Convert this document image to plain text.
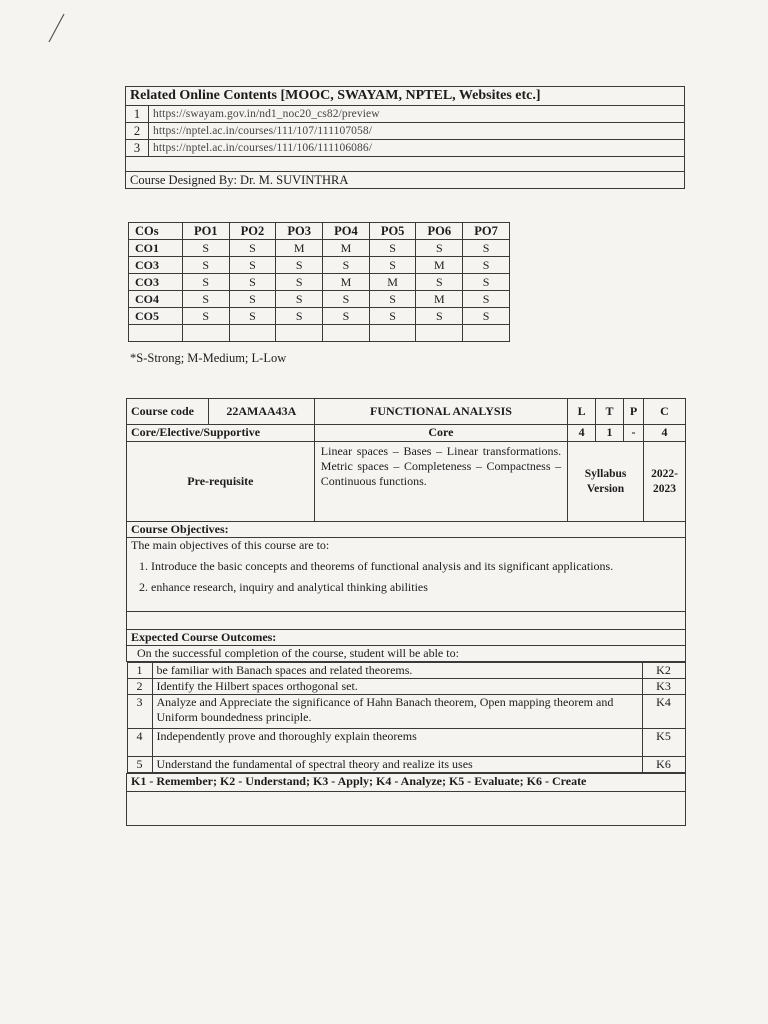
Related Online Contents [MOOC, SWAYAM, NPTEL, Websites etc.]	
1	https://swayam.gov.in/nd1_noc20_cs82/preview
2	https://nptel.ac.in/courses/111/107/111107058/
3	https://nptel.ac.in/courses/111/106/111106086/

Course Designed By: Dr. M. SUVINTHRA	
COs	PO1	PO2	PO3	PO4	PO5	PO6	PO7
CO1	S	S	M	M	S	S	S
CO3	S	S	S	S	S	M	S
CO3	S	S	S	M	M	S	S
CO4	S	S	S	S	S	M	S
CO5	S	S	S	S	S	S	S

*S-Strong; M-Medium; L-Low
Course code	22AMAA43A	FUNCTIONAL ANALYSIS	L	T	P	C
Core/Elective/Supportive	Core	4	1	-	4
Pre-requisite	Linear spaces – Bases – Linear transformations. Metric spaces – Completeness – Compactness – Continuous functions.	Syllabus Version	2022-2023
Course Objectives:

The main objectives of this course are to:
1. Introduce the basic concepts and theorems of functional analysis and its significant applications.
2. enhance research, inquiry and analytical thinking abilities

Expected Course Outcomes:
On the successful completion of the course, student will be able to:

1	be familiar with Banach spaces and related theorems.	K2
2	Identify the Hilbert spaces orthogonal set.	K3
3	Analyze and Appreciate the significance of Hahn Banach theorem, Open mapping theorem and Uniform boundedness principle.	K4
4	Independently prove and thoroughly explain theorems	K5
5	Understand the fundamental of spectral theory and realize its uses	K6

K1 - Remember; K2 - Understand; K3 - Apply; K4 - Analyze; K5 - Evaluate; K6 - Create
